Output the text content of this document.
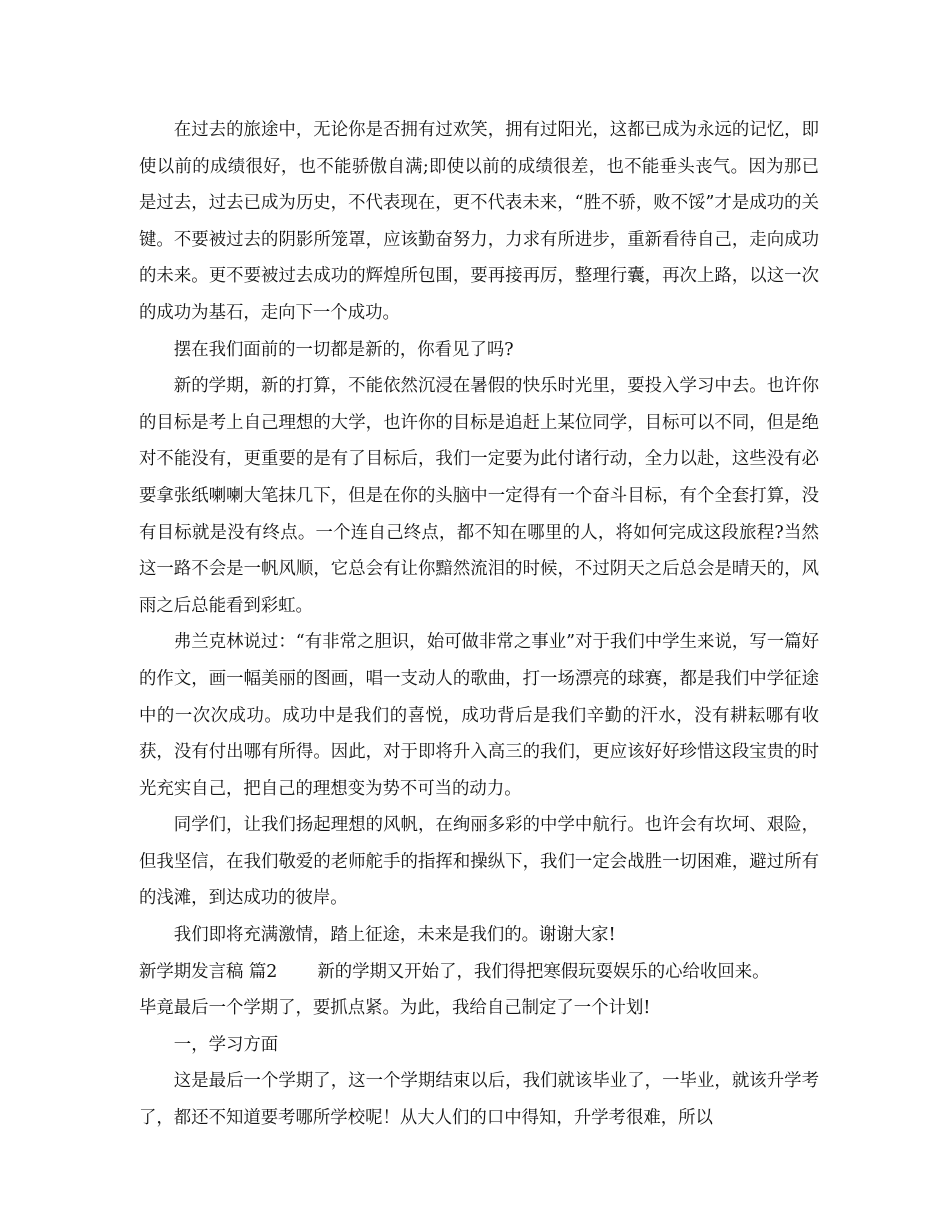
在过去的旅途中，无论你是否拥有过欢笑，拥有过阳光，这都已成为永远的记忆，即使以前的成绩很好，也不能骄傲自满;即使以前的成绩很差，也不能垂头丧气。因为那已是过去，过去已成为历史，不代表现在，更不代表未来，“胜不骄，败不馁”才是成功的关键。不要被过去的阴影所笼罩，应该勤奋努力，力求有所进步，重新看待自己，走向成功的未来。更不要被过去成功的辉煌所包围，要再接再厉，整理行囊，再次上路，以这一次的成功为基石，走向下一个成功。

摆在我们面前的一切都是新的，你看见了吗?

新的学期，新的打算，不能依然沉浸在暑假的快乐时光里，要投入学习中去。也许你的目标是考上自己理想的大学，也许你的目标是追赶上某位同学，目标可以不同，但是绝对不能没有，更重要的是有了目标后，我们一定要为此付诸行动，全力以赴，这些没有必要拿张纸喇喇大笔抹几下，但是在你的头脑中一定得有一个奋斗目标，有个全套打算，没有目标就是没有终点。一个连自己终点，都不知在哪里的人，将如何完成这段旅程?当然这一路不会是一帆风顺，它总会有让你黯然流泪的时候，不过阴天之后总会是晴天的，风雨之后总能看到彩虹。

弗兰克林说过：“有非常之胆识，始可做非常之事业”对于我们中学生来说，写一篇好的作文，画一幅美丽的图画，唱一支动人的歌曲，打一场漂亮的球赛，都是我们中学征途中的一次次成功。成功中是我们的喜悦，成功背后是我们辛勤的汗水，没有耕耘哪有收获，没有付出哪有所得。因此，对于即将升入高三的我们，更应该好好珍惜这段宝贵的时光充实自己，把自己的理想变为势不可当的动力。

同学们，让我们扬起理想的风帆，在绚丽多彩的中学中航行。也许会有坎坷、艰险，但我坚信，在我们敬爱的老师舵手的指挥和操纵下，我们一定会战胜一切困难，避过所有的浅滩，到达成功的彼岸。

我们即将充满激情，踏上征途，未来是我们的。谢谢大家!

新学期发言稿 篇2 新的学期又开始了，我们得把寒假玩耍娱乐的心给收回来。

毕竟最后一个学期了，要抓点紧。为此，我给自己制定了一个计划!

一，学习方面

这是最后一个学期了，这一个学期结束以后，我们就该毕业了，一毕业，就该升学考了，都还不知道要考哪所学校呢！从大人们的口中得知，升学考很难，所以
